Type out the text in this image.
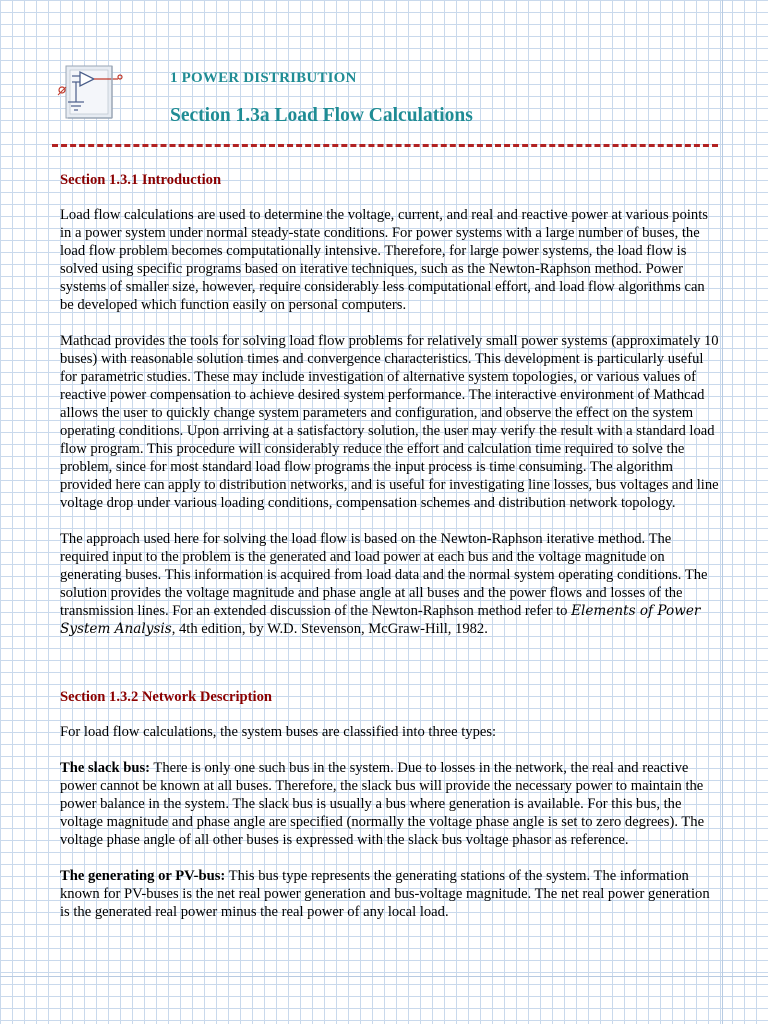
1 POWER DISTRIBUTION
Section 1.3a Load Flow Calculations
Section 1.3.1 Introduction

Load flow calculations are used to determine the voltage, current, and real and reactive power at various points in a power system under normal steady-state conditions. For power systems with a large number of buses, the load flow problem becomes computationally intensive. Therefore, for large power systems, the load flow is solved using specific programs based on iterative techniques, such as the Newton-Raphson method. Power systems of smaller size, however, require considerably less computational effort, and load flow algorithms can be developed which function easily on personal computers.

Mathcad provides the tools for solving load flow problems for relatively small power systems (approximately 10 buses) with reasonable solution times and convergence characteristics. This development is particularly useful for parametric studies. These may include investigation of alternative system topologies, or various values of reactive power compensation to achieve desired system performance. The interactive environment of Mathcad allows the user to quickly change system parameters and configuration, and observe the effect on the system operating conditions. Upon arriving at a satisfactory solution, the user may verify the result with a standard load flow program. This procedure will considerably reduce the effort and calculation time required to solve the problem, since for most standard load flow programs the input process is time consuming. The algorithm provided here can apply to distribution networks, and is useful for investigating line losses, bus voltages and line voltage drop under various loading conditions, compensation schemes and distribution network topology.

The approach used here for solving the load flow is based on the Newton-Raphson iterative method. The required input to the problem is the generated and load power at each bus and the voltage magnitude on generating buses. This information is acquired from load data and the normal system operating conditions. The solution provides the voltage magnitude and phase angle at all buses and the power flows and losses of the transmission lines. For an extended discussion of the Newton-Raphson method refer to Elements of Power System Analysis, 4th edition, by W.D. Stevenson, McGraw-Hill, 1982.

Section 1.3.2 Network Description

For load flow calculations, the system buses are classified into three types:

The slack bus: There is only one such bus in the system. Due to losses in the network, the real and reactive power cannot be known at all buses. Therefore, the slack bus will provide the necessary power to maintain the power balance in the system. The slack bus is usually a bus where generation is available. For this bus, the voltage magnitude and phase angle are specified (normally the voltage phase angle is set to zero degrees). The voltage phase angle of all other buses is expressed with the slack bus voltage phasor as reference.

The generating or PV-bus: This bus type represents the generating stations of the system. The information known for PV-buses is the net real power generation and bus-voltage magnitude. The net real power generation is the generated real power minus the real power of any local load.
